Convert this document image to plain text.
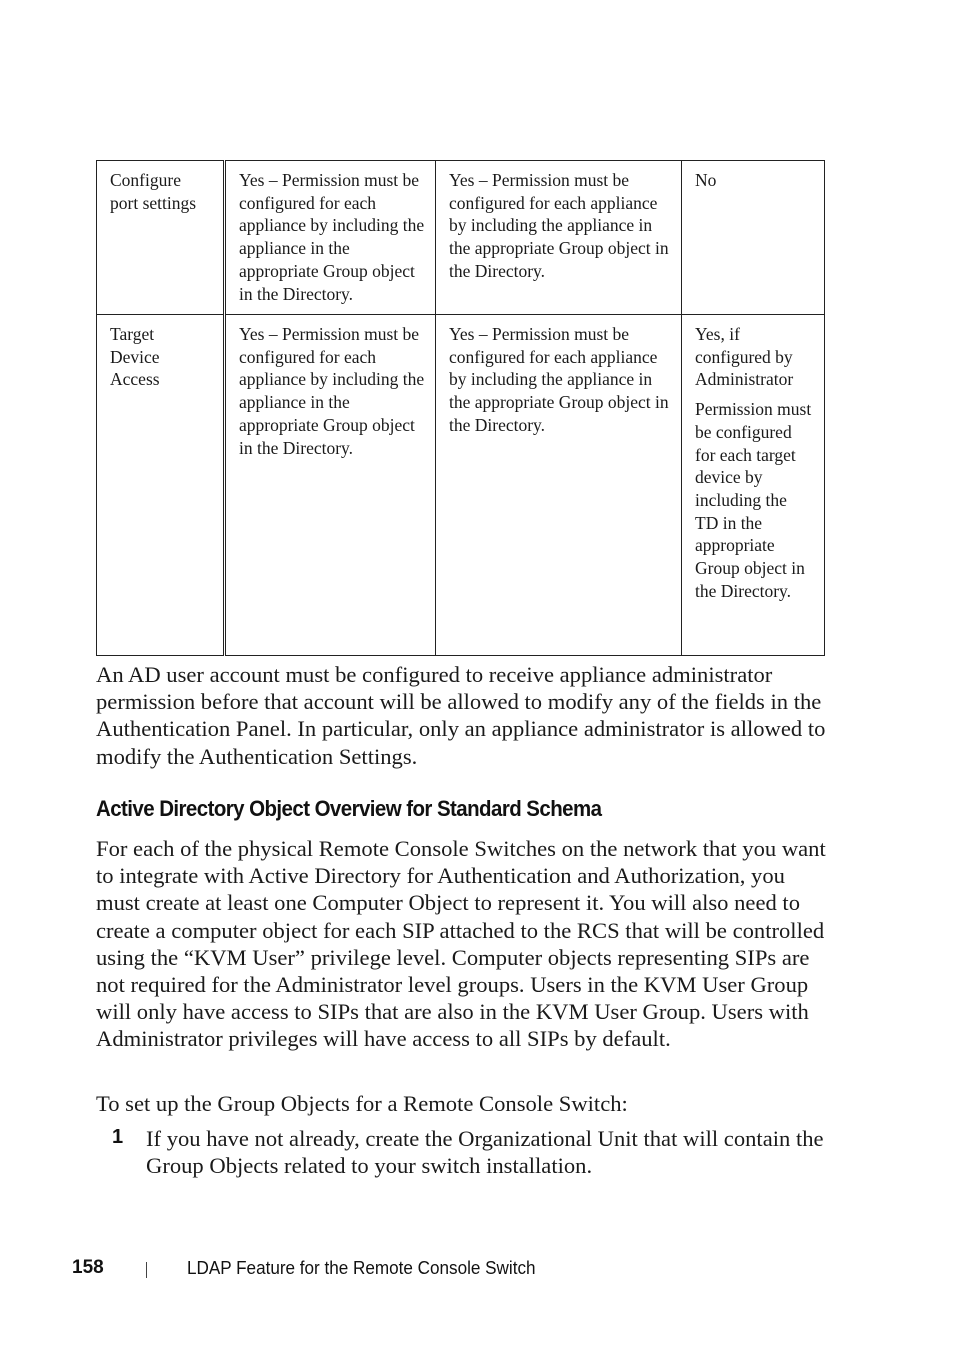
Configure port settings	Yes – Permission must be configured for each appliance by including the appliance in the appropriate Group object in the Directory.	Yes – Permission must be configured for each appliance by including the appliance in the appropriate Group object in the Directory.	No

Target Device Access	Yes – Permission must be configured for each appliance by including the appliance in the appropriate Group object in the Directory.	Yes – Permission must be configured for each appliance by including the appliance in the appropriate Group object in the Directory.	Yes, if configured by Administrator

Permission must be configured for each target device by including the TD in the appropriate Group object in the Directory.

An AD user account must be configured to receive appliance administrator permission before that account will be allowed to modify any of the fields in the Authentication Panel. In particular, only an appliance administrator is allowed to modify the Authentication Settings.

Active Directory Object Overview for Standard Schema

For each of the physical Remote Console Switches on the network that you want to integrate with Active Directory for Authentication and Authorization, you must create at least one Computer Object to represent it. You will also need to create a computer object for each SIP attached to the RCS that will be controlled using the “KVM User” privilege level. Computer objects representing SIPs are not required for the Administrator level groups. Users in the KVM User Group will only have access to SIPs that are also in the KVM User Group. Users with Administrator privileges will have access to all SIPs by default.

To set up the Group Objects for a Remote Console Switch:

1 If you have not already, create the Organizational Unit that will contain the Group Objects related to your switch installation.

158	LDAP Feature for the Remote Console Switch
